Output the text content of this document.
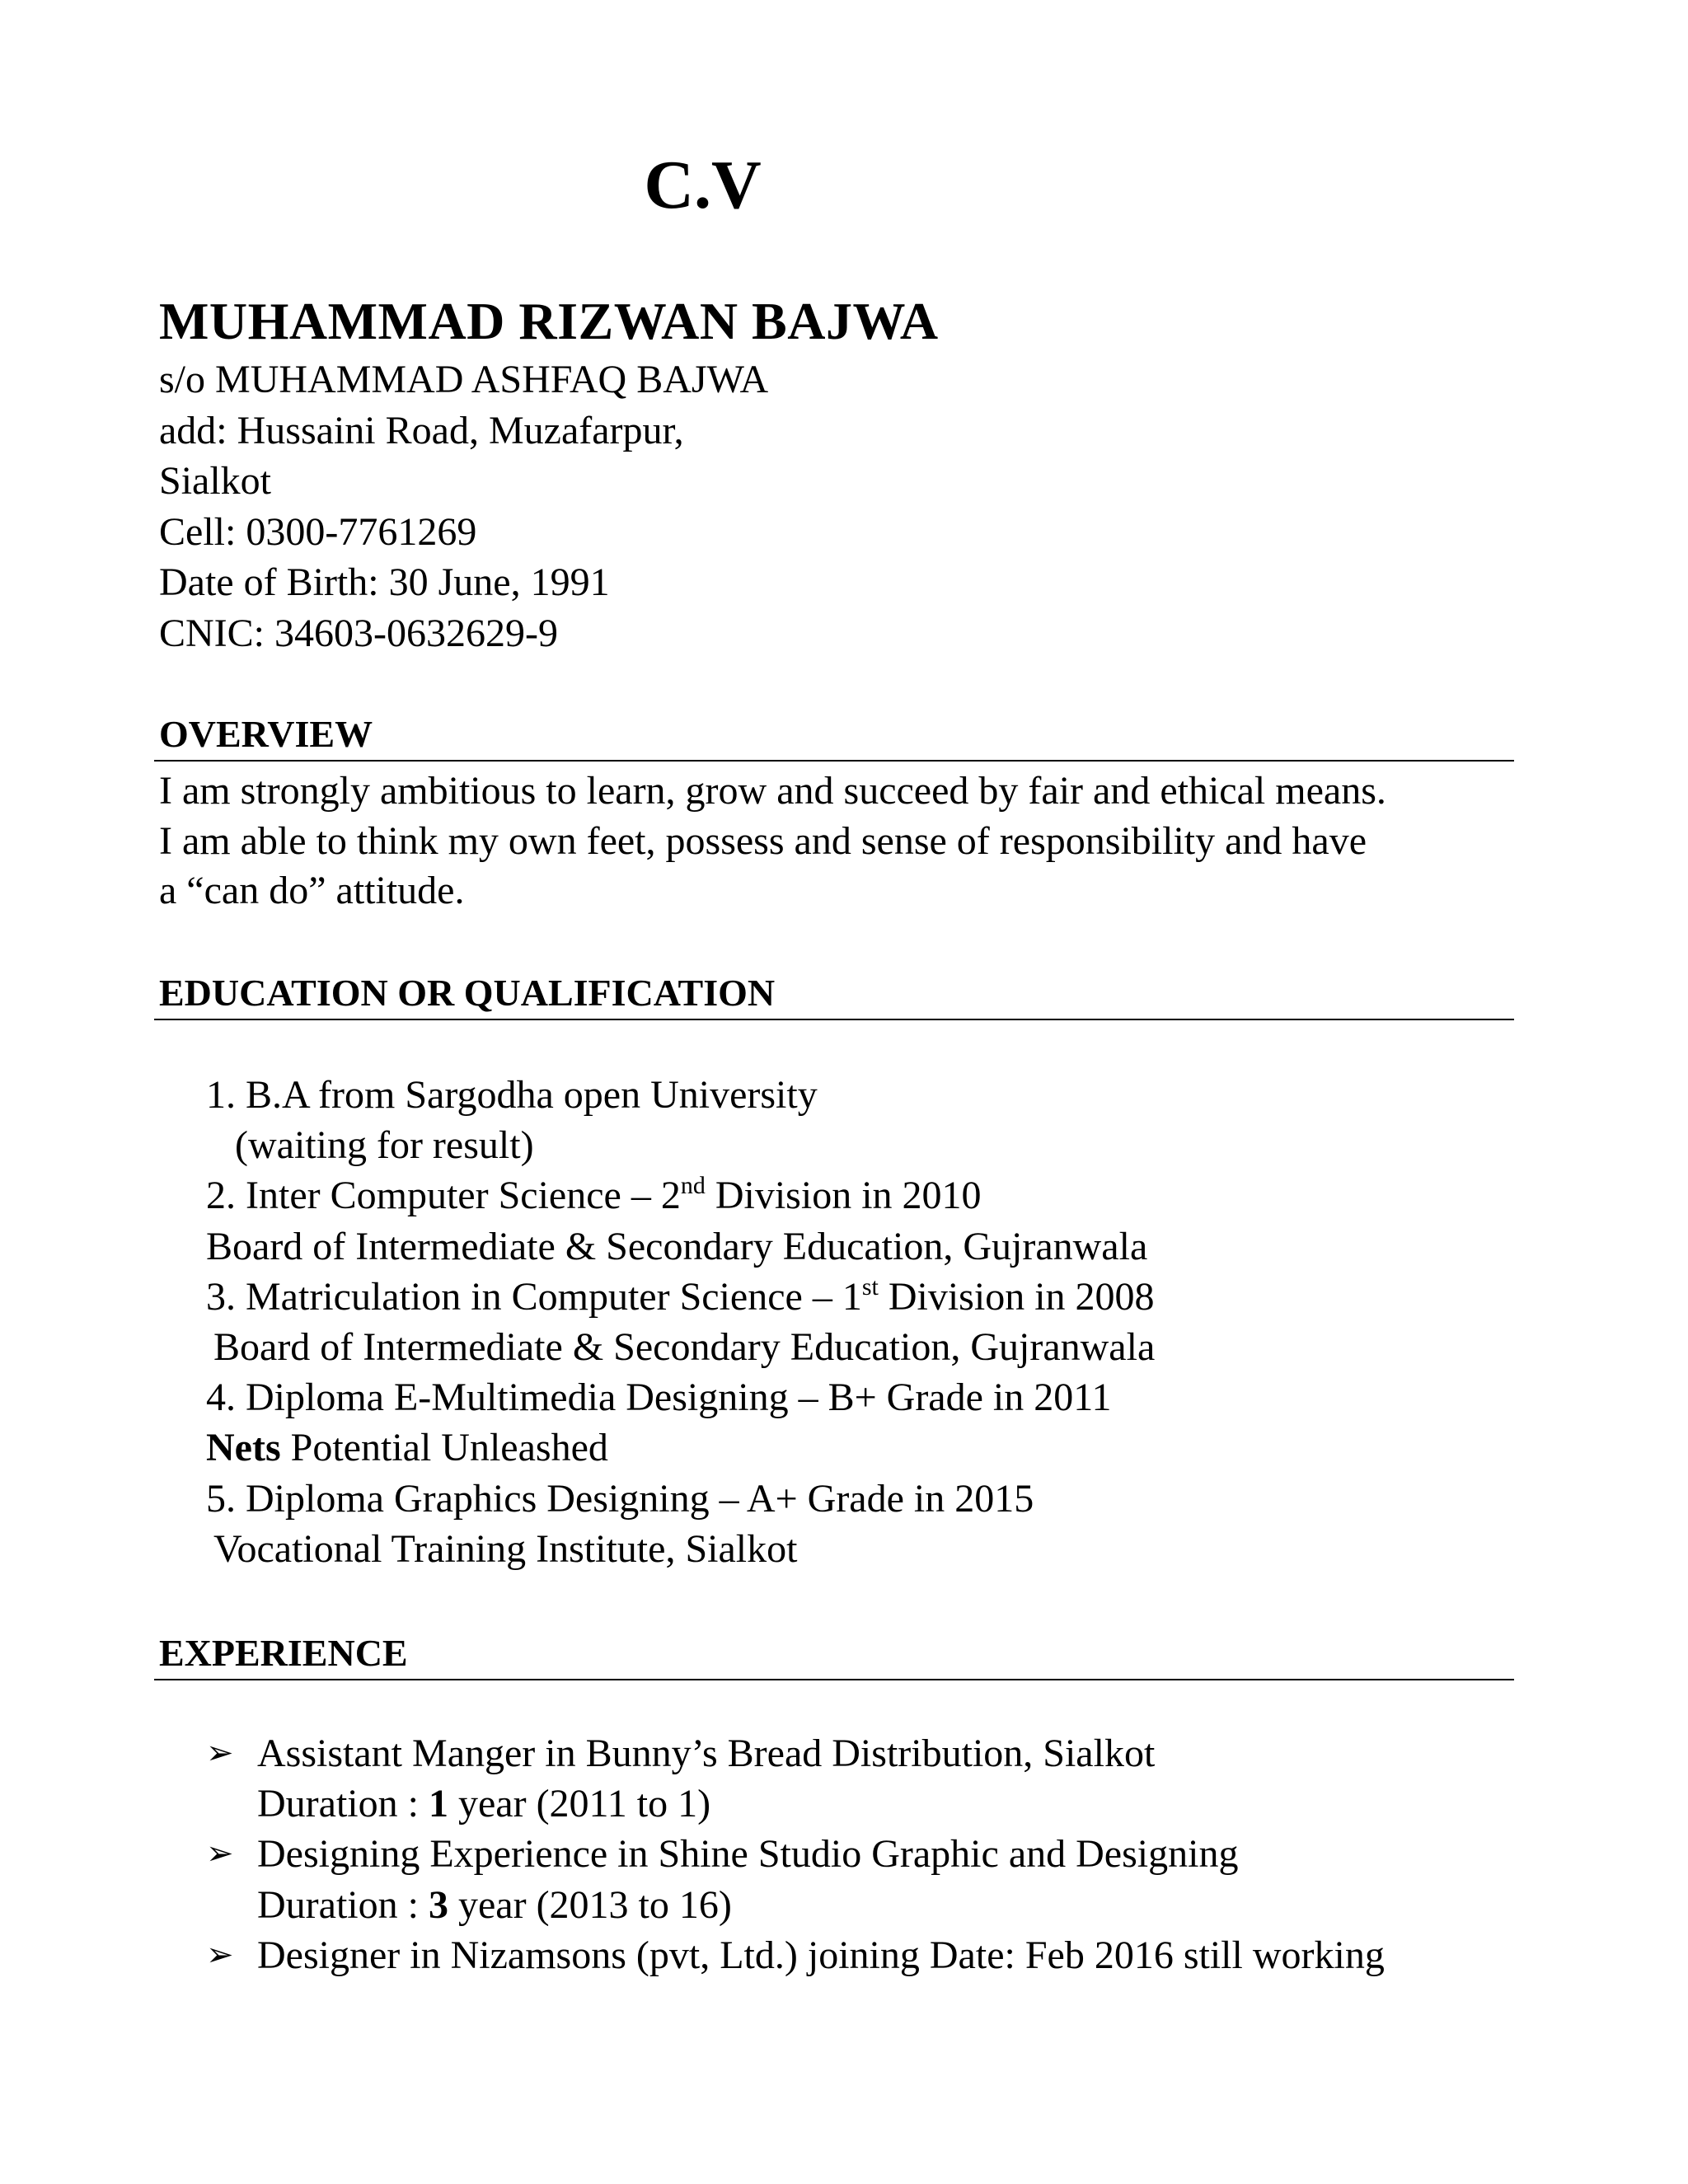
C.V
MUHAMMAD RIZWAN BAJWA
s/o MUHAMMAD ASHFAQ BAJWA
add: Hussaini Road, Muzafarpur,
Sialkot
Cell: 0300-7761269
Date of Birth: 30 June, 1991
CNIC: 34603-0632629-9
OVERVIEW
I am strongly ambitious to learn, grow and succeed by fair and ethical means.
I am able to think my own feet, possess and sense of responsibility and have
a “can do” attitude.
EDUCATION OR QUALIFICATION
1. B.A from Sargodha open University
(waiting for result)
2. Inter Computer Science – 2nd Division in 2010
Board of Intermediate & Secondary Education, Gujranwala
3. Matriculation in Computer Science – 1st Division in 2008
Board of Intermediate & Secondary Education, Gujranwala
4. Diploma E-Multimedia Designing – B+ Grade in 2011
Nets Potential Unleashed
5. Diploma Graphics Designing – A+ Grade in 2015
Vocational Training Institute, Sialkot
EXPERIENCE
➢ Assistant Manger in Bunny’s Bread Distribution, Sialkot
Duration : 1 year (2011 to 1)
➢ Designing Experience in Shine Studio Graphic and Designing
Duration : 3 year (2013 to 16)
➢ Designer in Nizamsons (pvt, Ltd.) joining Date: Feb 2016 still working
